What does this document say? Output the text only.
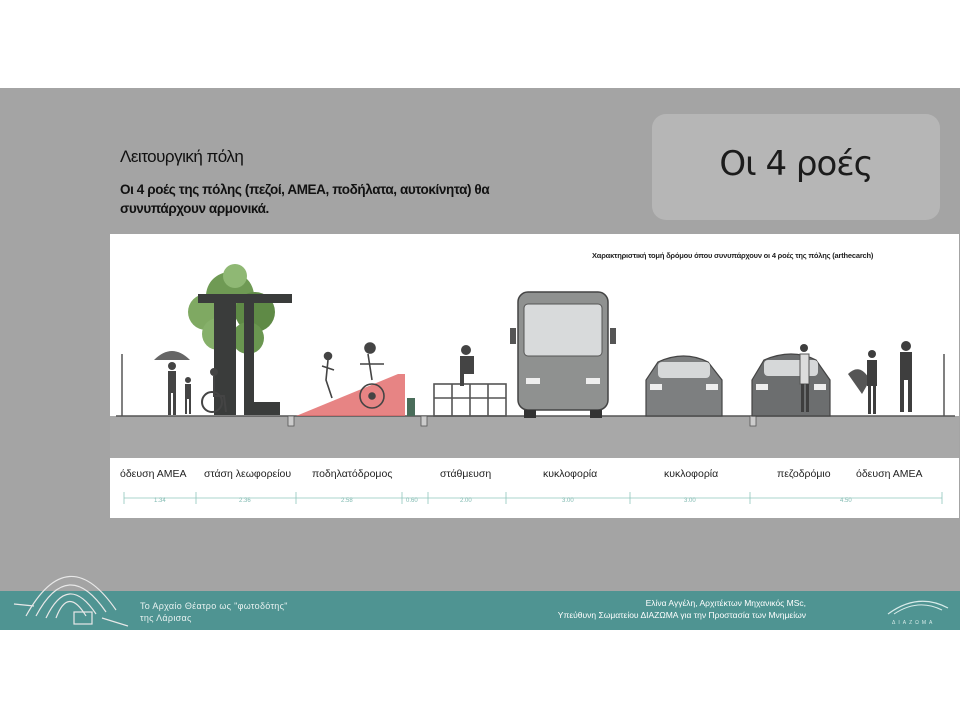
Οι 4 ροές
Λειτουργική πόλη
Οι 4 ροές της πόλης (πεζοί, ΑΜΕΑ, ποδήλατα, αυτοκίνητα) θα συνυπάρχουν αρμονικά.
Χαρακτηριστική τομή δρόμου όπου συνυπάρχουν οι 4 ροές της πόλης (arthecarch)
όδευση ΑΜΕΑ στάση λεωφορείου ποδηλατόδρομος	στάθμευση	κυκλοφορία	κυκλοφορία	πεζοδρόμιο όδευση ΑΜΕΑ
1.34	2.36	2.58	0.60	2.00	3.00	3.00	4.50
Το Αρχαίο Θέατρο ως "φωτοδότης"
της Λάρισας
Ελίνα Αγγέλη, Αρχιτέκτων Μηχανικός MSc,
Υπεύθυνη Σωματείου ΔΙΑΖΩΜΑ για την Προστασία των Μνημείων
ΔΙΑΖΩΜΑ
